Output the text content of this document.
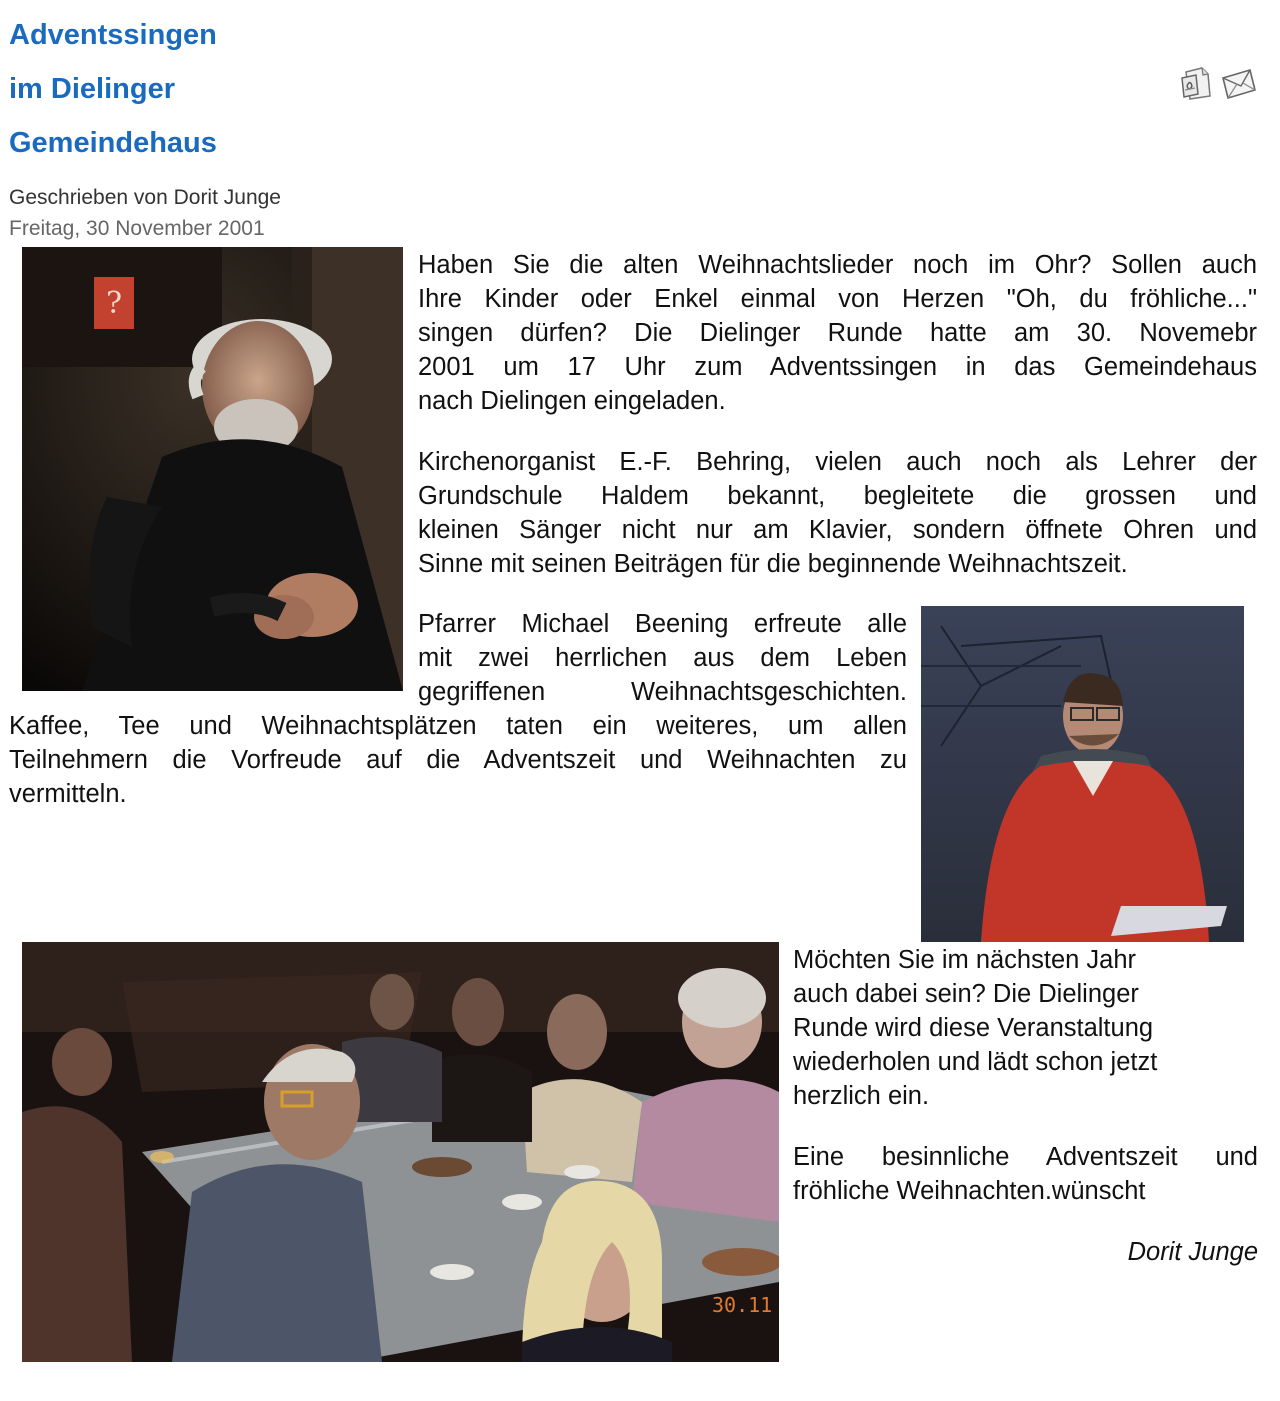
Adventssingen
im Dielinger
Gemeindehaus
Geschrieben von Dorit Junge
Freitag, 30 November 2001
?
30.11
Haben Sie die alten Weihnachtslieder noch im Ohr? Sollen auch
Ihre Kinder oder Enkel einmal von Herzen "Oh, du fröhliche..."
singen dürfen? Die Dielinger Runde hatte am 30. Novemebr
2001 um 17 Uhr zum Adventssingen in das Gemeindehaus
nach Dielingen eingeladen.
Kirchenorganist E.-F. Behring, vielen auch noch als Lehrer der
Grundschule Haldem bekannt, begleitete die grossen und
kleinen Sänger nicht nur am Klavier, sondern öffnete Ohren und
Sinne mit seinen Beiträgen für die beginnende Weihnachtszeit.
Pfarrer Michael Beening erfreute alle
mit zwei herrlichen aus dem Leben
gegriffenen Weihnachtsgeschichten.
Kaffee, Tee und Weihnachtsplätzen taten ein weiteres, um allen
Teilnehmern die Vorfreude auf die Adventszeit und Weihnachten zu
vermitteln.
Möchten Sie im nächsten Jahr
auch dabei sein? Die Dielinger
Runde wird diese Veranstaltung
wiederholen und lädt schon jetzt
herzlich ein.
Eine besinnliche Adventszeit und
fröhliche Weihnachten.wünscht
Dorit Junge
